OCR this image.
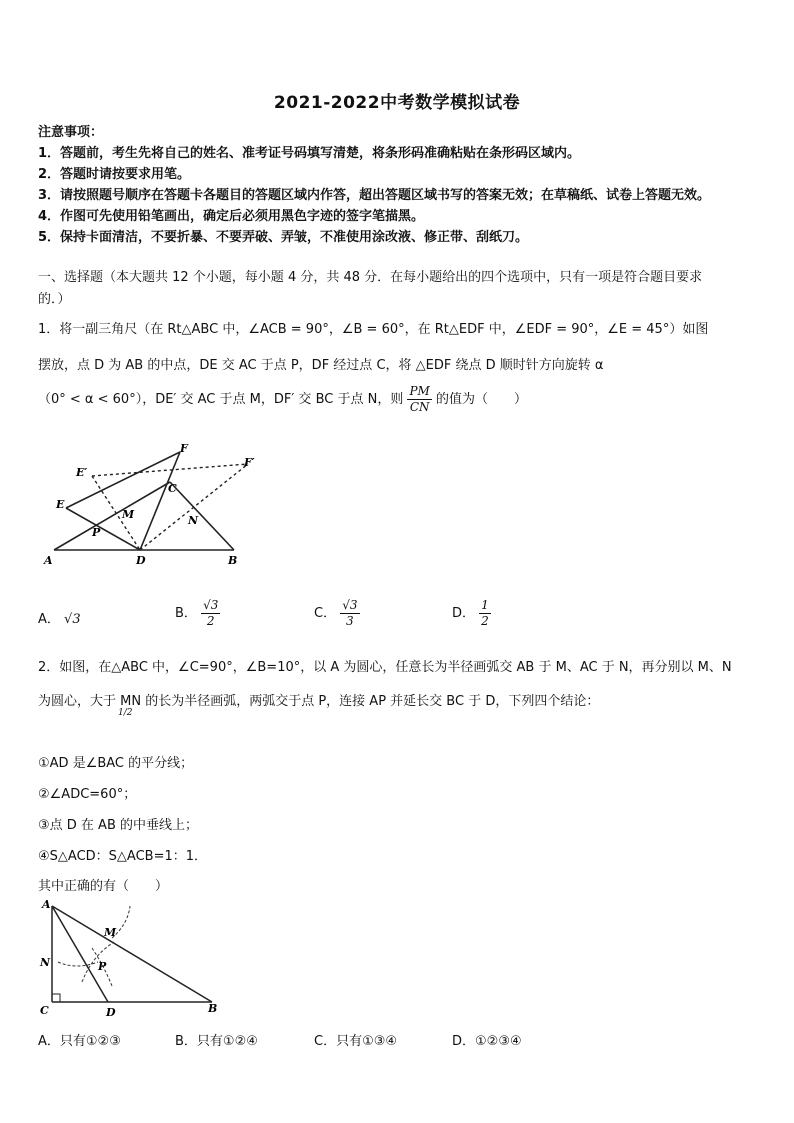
2021-2022中考数学模拟试卷
注意事项：
1．答题前，考生先将自己的姓名、准考证号码填写清楚，将条形码准确粘贴在条形码区域内。
2．答题时请按要求用笔。
3．请按照题号顺序在答题卡各题目的答题区域内作答，超出答题区域书写的答案无效；在草稿纸、试卷上答题无效。
4．作图可先使用铅笔画出，确定后必须用黑色字迹的签字笔描黑。
5．保持卡面清洁，不要折暴、不要弄破、弄皱，不准使用涂改液、修正带、刮纸刀。
一、选择题（本大题共 12 个小题，每小题 4 分，共 48 分．在每小题给出的四个选项中，只有一项是符合题目要求
的．）
1．将一副三角尺（在 Rt△ABC 中，∠ACB = 90°，∠B = 60°，在 Rt△EDF 中，∠EDF = 90°，∠E = 45°）如图
摆放，点 D 为 AB 的中点，DE 交 AC 于点 P，DF 经过点 C，将 △EDF 绕点 D 顺时针方向旋转 α
（0° < α < 60°），DE′ 交 AC 于点 M，DF′ 交 BC 于点 N，则 $\frac{PM}{CN}$ 的值为（　　）
F
E′
F′
C
E
M	N
P
A	D	B
A． √3	B． $\frac{√3}{2}$	C． $\frac{√3}{3}$	D． $\frac{1}{2}$
2．如图，在△ABC 中，∠C=90°，∠B=10°，以 A 为圆心，任意长为半径画弧交 AB 于 M、AC 于 N，再分别以 M、N
为圆心，大于 MN 的长为半径画弧，两弧交于点 P，连接 AP 并延长交 BC 于 D，下列四个结论：
1/2
①AD 是∠BAC 的平分线；
②∠ADC=60°；
③点 D 在 AB 的中垂线上；
④S△ACD：S△ACB=1：1．
其中正确的有（　　）
A
M
N	P
C	D	B
A．只有①②③	B．只有①②④	C．只有①③④	D．①②③④
